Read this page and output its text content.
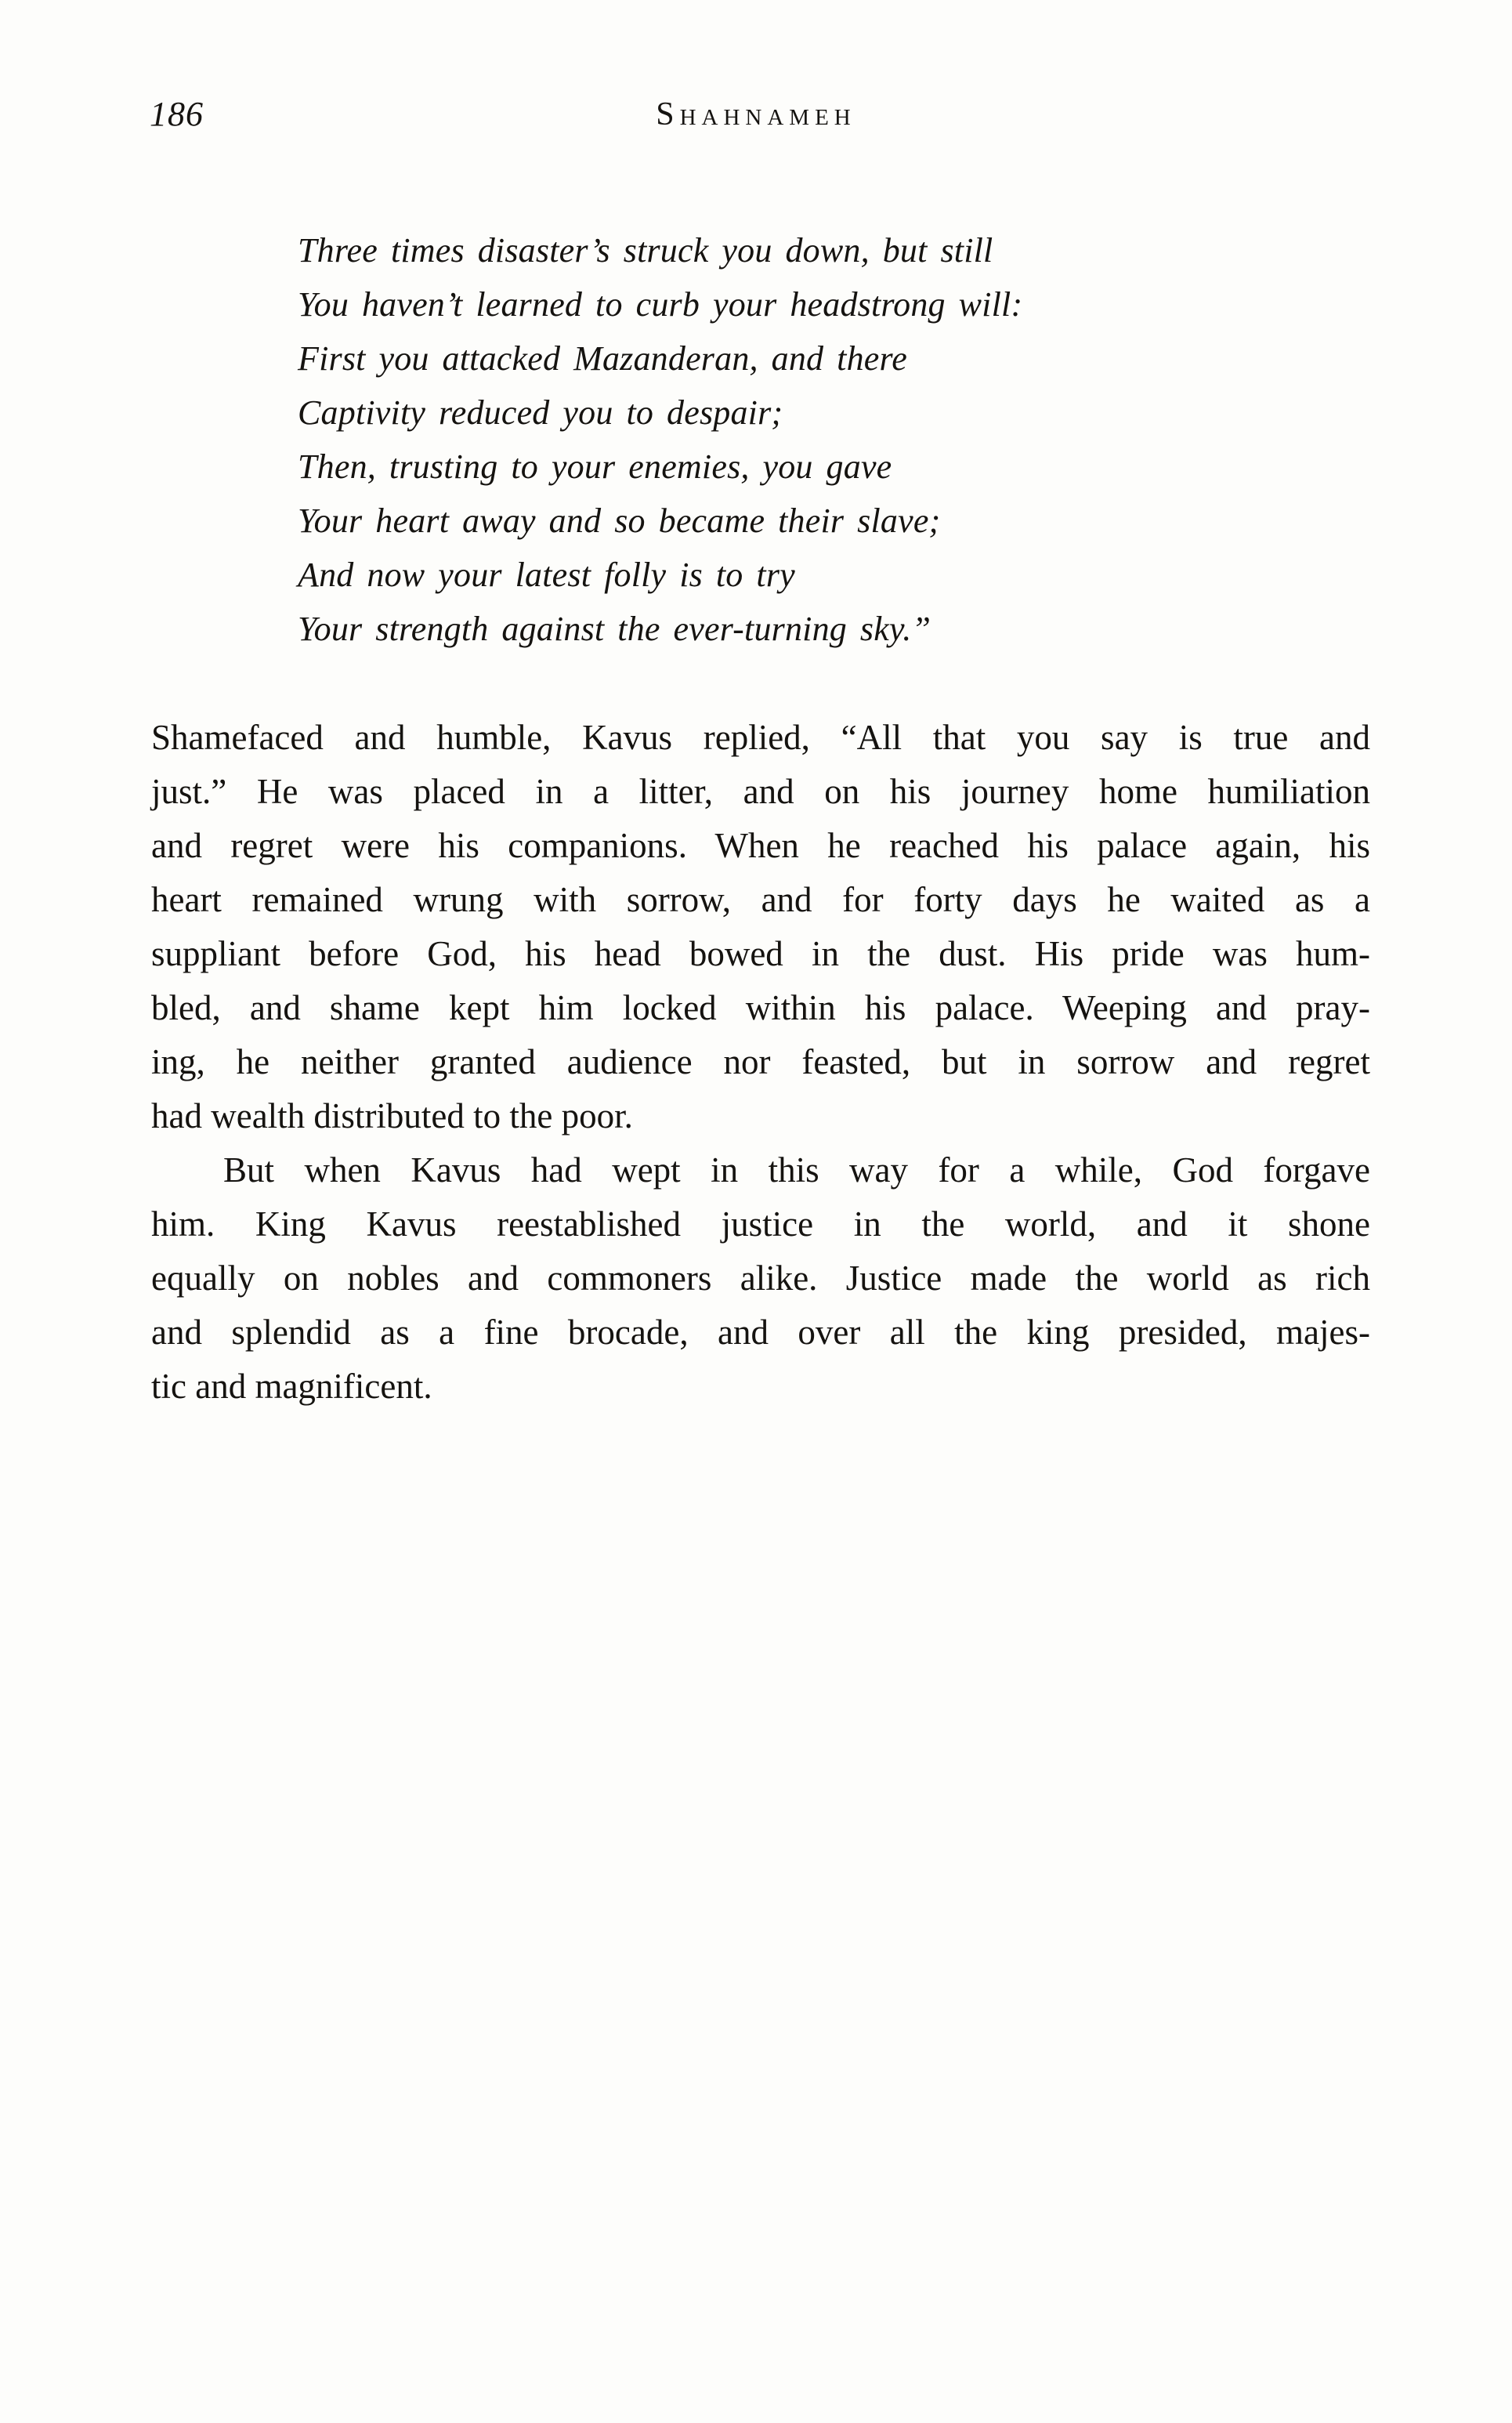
186	Shahnameh
Three times disaster’s struck you down, but still
You haven’t learned to curb your headstrong will:
First you attacked Mazanderan, and there
Captivity reduced you to despair;
Then, trusting to your enemies, you gave
Your heart away and so became their slave;
And now your latest folly is to try
Your strength against the ever-turning sky.”
Shamefaced and humble, Kavus replied, “All that you say is true and
just.” He was placed in a litter, and on his journey home humiliation
and regret were his companions. When he reached his palace again, his
heart remained wrung with sorrow, and for forty days he waited as a
suppliant before God, his head bowed in the dust. His pride was hum-
bled, and shame kept him locked within his palace. Weeping and pray-
ing, he neither granted audience nor feasted, but in sorrow and regret
had wealth distributed to the poor.
But when Kavus had wept in this way for a while, God forgave
him. King Kavus reestablished justice in the world, and it shone
equally on nobles and commoners alike. Justice made the world as rich
and splendid as a fine brocade, and over all the king presided, majes-
tic and magnificent.
